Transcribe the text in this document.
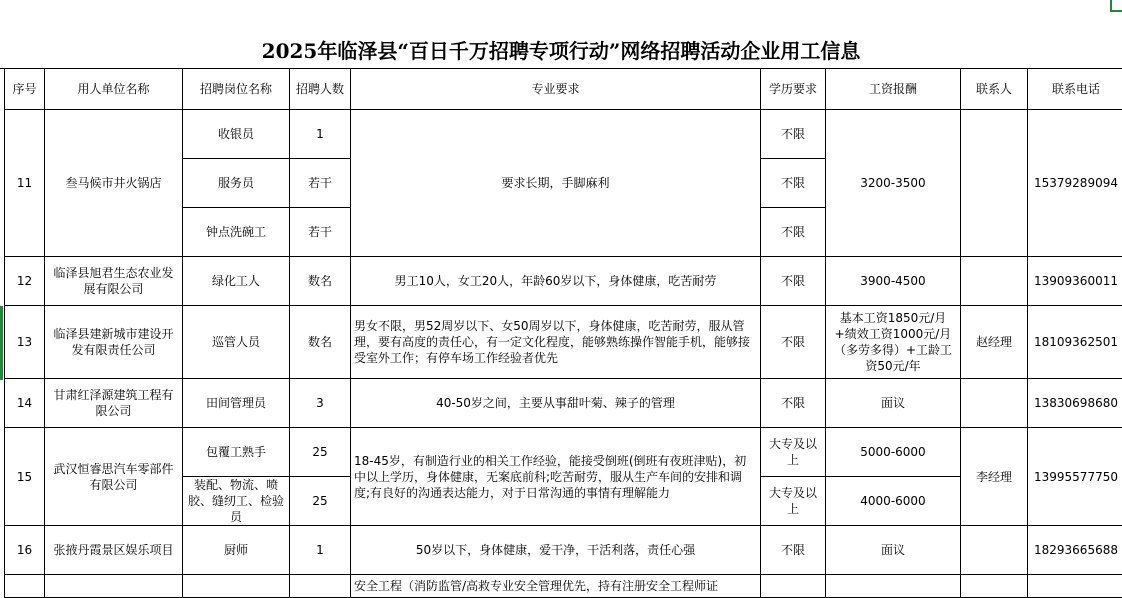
2025年临泽县“百日千万招聘专项行动”网络招聘活动企业用工信息
序号	用人单位名称	招聘岗位名称	招聘人数	专业要求	学历要求	工资报酬	联系人	联系电话
11	叁马候市井火锅店	收银员	1	要求长期，手脚麻利	不限	3200-3500		15379289094
		服务员	若干		不限			
		钟点洗碗工	若干		不限			
12	临泽县旭君生态农业发展有限公司	绿化工人	数名	男工10人，女工20人，年龄60岁以下，身体健康，吃苦耐劳	不限	3900-4500		13909360011
13	临泽县建新城市建设开发有限责任公司	巡管人员	数名	男女不限，男52周岁以下、女50周岁以下，身体健康，吃苦耐劳，服从管理，要有高度的责任心，有一定文化程度，能够熟练操作智能手机，能够接受室外工作；有停车场工作经验者优先	不限	基本工资1850元/月+绩效工资1000元/月（多劳多得）+工龄工资50元/年	赵经理	18109362501
14	甘肃红泽源建筑工程有限公司	田间管理员	3	40-50岁之间，主要从事甜叶菊、辣子的管理	不限	面议		13830698680
15	武汉恒睿思汽车零部件有限公司	包覆工熟手	25	18-45岁，有制造行业的相关工作经验，能接受倒班(倒班有夜班津贴)，初中以上学历，身体健康，无案底前科;吃苦耐劳，服从生产车间的安排和调度;有良好的沟通表达能力，对于日常沟通的事情有理解能力	大专及以上	5000-6000	李经理	13995577750
		装配、物流、喷胶、缝纫工、检验员	25		大专及以上	4000-6000		
16	张掖丹霞景区娱乐项目	厨师	1	50岁以下，身体健康，爱干净，干活利落，责任心强	不限	面议		18293665688

				安全工程（消防监管/高救专业安全管理优先，持有注册安全工程师证				
